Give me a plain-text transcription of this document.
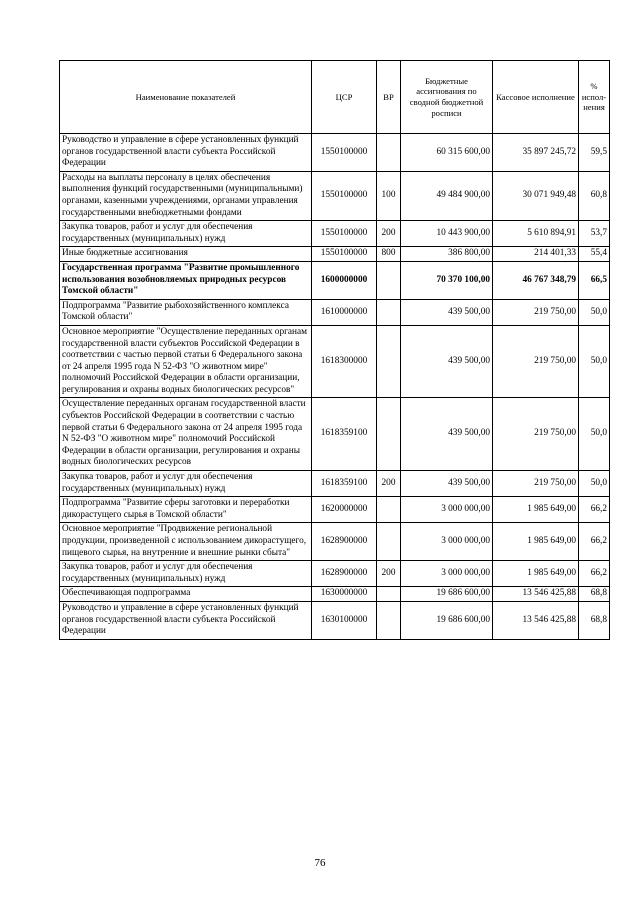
Наименование показателей	ЦСР	ВР	Бюджетные ассигнования по сводной бюджетной росписи	Кассовое исполнение	% испол-нения
Руководство и управление в сфере установленных функций органов государственной власти субъекта Российской Федерации	1550100000		60 315 600,00	35 897 245,72	59,5
Расходы на выплаты персоналу в целях обеспечения выполнения функций государственными (муниципальными) органами, казенными учреждениями, органами управления государственными внебюджетными фондами	1550100000	100	49 484 900,00	30 071 949,48	60,8
Закупка товаров, работ и услуг для обеспечения государственных (муниципальных) нужд	1550100000	200	10 443 900,00	5 610 894,91	53,7
Иные бюджетные ассигнования	1550100000	800	386 800,00	214 401,33	55,4
Государственная программа "Развитие промышленного использования возобновляемых природных ресурсов Томской области"	1600000000		70 370 100,00	46 767 348,79	66,5
Подпрограмма "Развитие рыбохозяйственного комплекса Томской области"	1610000000		439 500,00	219 750,00	50,0
Основное мероприятие "Осуществление переданных органам государственной власти субъектов Российской Федерации в соответствии с частью первой статьи 6 Федерального закона от 24 апреля 1995 года N 52-ФЗ "О животном мире" полномочий Российской Федерации в области организации, регулирования и охраны водных биологических ресурсов"	1618300000		439 500,00	219 750,00	50,0
Осуществление переданных органам государственной власти субъектов Российской Федерации в соответствии с частью первой статьи 6 Федерального закона от 24 апреля 1995 года N 52-ФЗ "О животном мире" полномочий Российской Федерации в области организации, регулирования и охраны водных биологических ресурсов	1618359100		439 500,00	219 750,00	50,0
Закупка товаров, работ и услуг для обеспечения государственных (муниципальных) нужд	1618359100	200	439 500,00	219 750,00	50,0
Подпрограмма "Развитие сферы заготовки и переработки дикорастущего сырья в Томской области"	1620000000		3 000 000,00	1 985 649,00	66,2
Основное мероприятие "Продвижение региональной продукции, произведенной с использованием дикорастущего, пищевого сырья, на внутренние и внешние рынки сбыта"	1628900000		3 000 000,00	1 985 649,00	66,2
Закупка товаров, работ и услуг для обеспечения государственных (муниципальных) нужд	1628900000	200	3 000 000,00	1 985 649,00	66,2
Обеспечивающая подпрограмма	1630000000		19 686 600,00	13 546 425,88	68,8
Руководство и управление в сфере установленных функций органов государственной власти субъекта Российской Федерации	1630100000		19 686 600,00	13 546 425,88	68,8
76
